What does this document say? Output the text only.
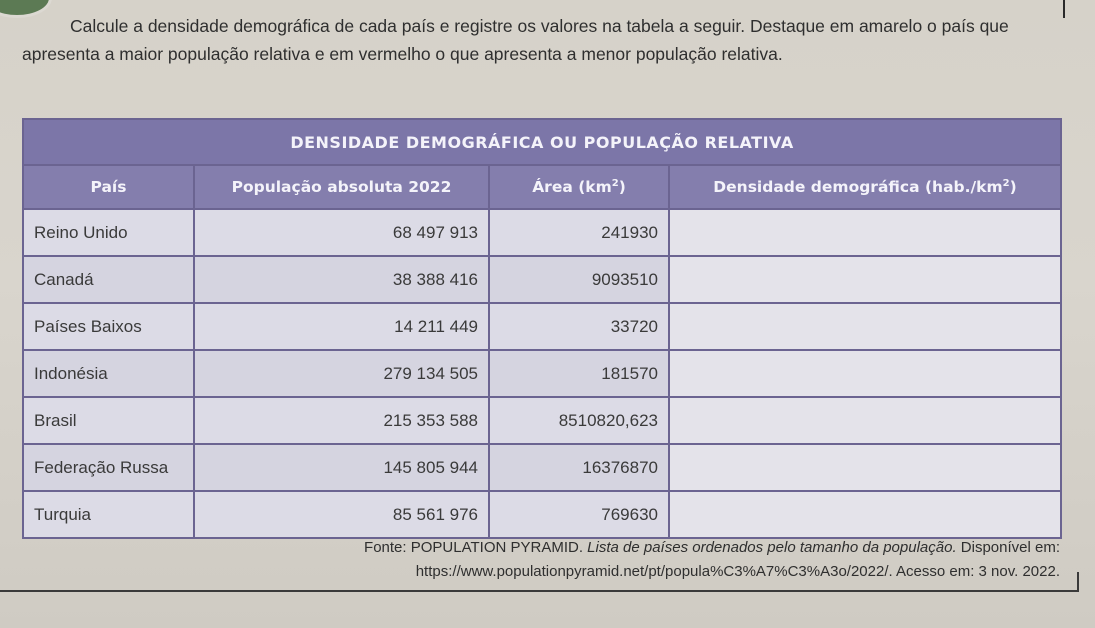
Calcule a densidade demográfica de cada país e registre os valores na tabela a seguir. Destaque em amarelo o país que apresenta a maior população relativa e em vermelho o que apresenta a menor população relativa.

DENSIDADE DEMOGRÁFICA OU POPULAÇÃO RELATIVA			
País	População absoluta 2022	Área $(km^2)$	Densidade demográfica $(hab./km^2)$
Reino Unido	68 497 913	241930	
Canadá	38 388 416	9093510	
Países Baixos	14 211 449	33720	
Indonésia	279 134 505	181570	
Brasil	215 353 588	8510820,623	
Federação Russa	145 805 944	16376870	
Turquia	85 561 976	769630	
Fonte: POPULATION PYRAMID. Lista de países ordenados pelo tamanho da população. Disponível em:
https://www.populationpyramid.net/pt/popula%C3%A7%C3%A3o/2022/. Acesso em: 3 nov. 2022.
